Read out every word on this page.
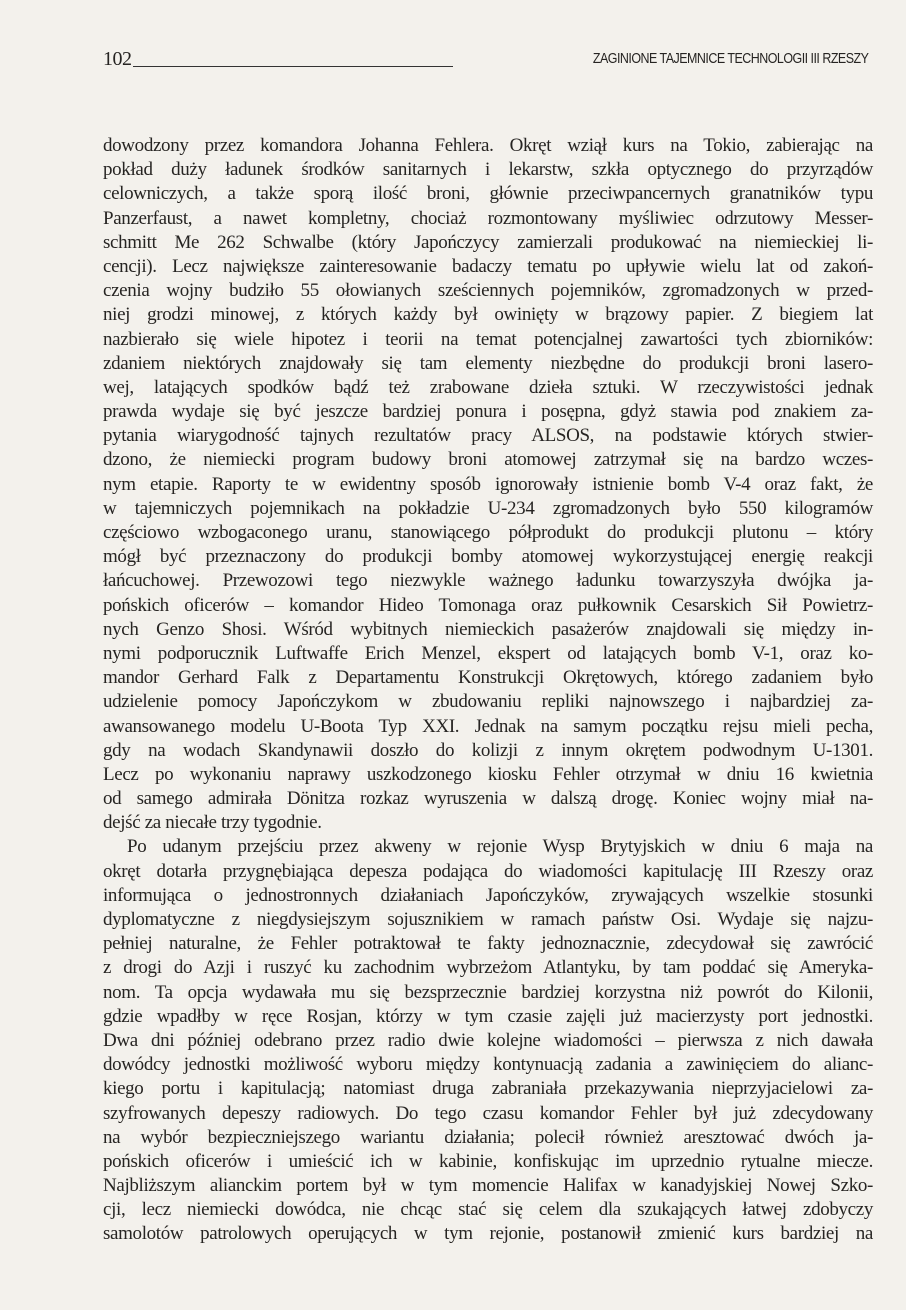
102	ZAGINIONE TAJEMNICE TECHNOLOGII III RZESZY
dowodzony przez komandora Johanna Fehlera. Okręt wziął kurs na Tokio, zabierając na
pokład duży ładunek środków sanitarnych i lekarstw, szkła optycznego do przyrządów
celowniczych, a także sporą ilość broni, głównie przeciwpancernych granatników typu
Panzerfaust, a nawet kompletny, chociaż rozmontowany myśliwiec odrzutowy Messer-
schmitt Me 262 Schwalbe (który Japończycy zamierzali produkować na niemieckiej li-
cencji). Lecz największe zainteresowanie badaczy tematu po upływie wielu lat od zakoń-
czenia wojny budziło 55 ołowianych sześciennych pojemników, zgromadzonych w przed-
niej grodzi minowej, z których każdy był owinięty w brązowy papier. Z biegiem lat
nazbierało się wiele hipotez i teorii na temat potencjalnej zawartości tych zbiorników:
zdaniem niektórych znajdowały się tam elementy niezbędne do produkcji broni lasero-
wej, latających spodków bądź też zrabowane dzieła sztuki. W rzeczywistości jednak
prawda wydaje się być jeszcze bardziej ponura i posępna, gdyż stawia pod znakiem za-
pytania wiarygodność tajnych rezultatów pracy ALSOS, na podstawie których stwier-
dzono, że niemiecki program budowy broni atomowej zatrzymał się na bardzo wczes-
nym etapie. Raporty te w ewidentny sposób ignorowały istnienie bomb V-4 oraz fakt, że
w tajemniczych pojemnikach na pokładzie U-234 zgromadzonych było 550 kilogramów
częściowo wzbogaconego uranu, stanowiącego półprodukt do produkcji plutonu – który
mógł być przeznaczony do produkcji bomby atomowej wykorzystującej energię reakcji
łańcuchowej. Przewozowi tego niezwykle ważnego ładunku towarzyszyła dwójka ja-
pońskich oficerów – komandor Hideo Tomonaga oraz pułkownik Cesarskich Sił Powietrz-
nych Genzo Shosi. Wśród wybitnych niemieckich pasażerów znajdowali się między in-
nymi podporucznik Luftwaffe Erich Menzel, ekspert od latających bomb V-1, oraz ko-
mandor Gerhard Falk z Departamentu Konstrukcji Okrętowych, którego zadaniem było
udzielenie pomocy Japończykom w zbudowaniu repliki najnowszego i najbardziej za-
awansowanego modelu U-Boota Typ XXI. Jednak na samym początku rejsu mieli pecha,
gdy na wodach Skandynawii doszło do kolizji z innym okrętem podwodnym U-1301.
Lecz po wykonaniu naprawy uszkodzonego kiosku Fehler otrzymał w dniu 16 kwietnia
od samego admirała Dönitza rozkaz wyruszenia w dalszą drogę. Koniec wojny miał na-
dejść za niecałe trzy tygodnie.
Po udanym przejściu przez akweny w rejonie Wysp Brytyjskich w dniu 6 maja na
okręt dotarła przygnębiająca depesza podająca do wiadomości kapitulację III Rzeszy oraz
informująca o jednostronnych działaniach Japończyków, zrywających wszelkie stosunki
dyplomatyczne z niegdysiejszym sojusznikiem w ramach państw Osi. Wydaje się najzu-
pełniej naturalne, że Fehler potraktował te fakty jednoznacznie, zdecydował się zawrócić
z drogi do Azji i ruszyć ku zachodnim wybrzeżom Atlantyku, by tam poddać się Ameryka-
nom. Ta opcja wydawała mu się bezsprzecznie bardziej korzystna niż powrót do Kilonii,
gdzie wpadłby w ręce Rosjan, którzy w tym czasie zajęli już macierzysty port jednostki.
Dwa dni później odebrano przez radio dwie kolejne wiadomości – pierwsza z nich dawała
dowódcy jednostki możliwość wyboru między kontynuacją zadania a zawinięciem do alianc-
kiego portu i kapitulacją; natomiast druga zabraniała przekazywania nieprzyjacielowi za-
szyfrowanych depeszy radiowych. Do tego czasu komandor Fehler był już zdecydowany
na wybór bezpieczniejszego wariantu działania; polecił również aresztować dwóch ja-
pońskich oficerów i umieścić ich w kabinie, konfiskując im uprzednio rytualne miecze.
Najbliższym alianckim portem był w tym momencie Halifax w kanadyjskiej Nowej Szko-
cji, lecz niemiecki dowódca, nie chcąc stać się celem dla szukających łatwej zdobyczy
samolotów patrolowych operujących w tym rejonie, postanowił zmienić kurs bardziej na
